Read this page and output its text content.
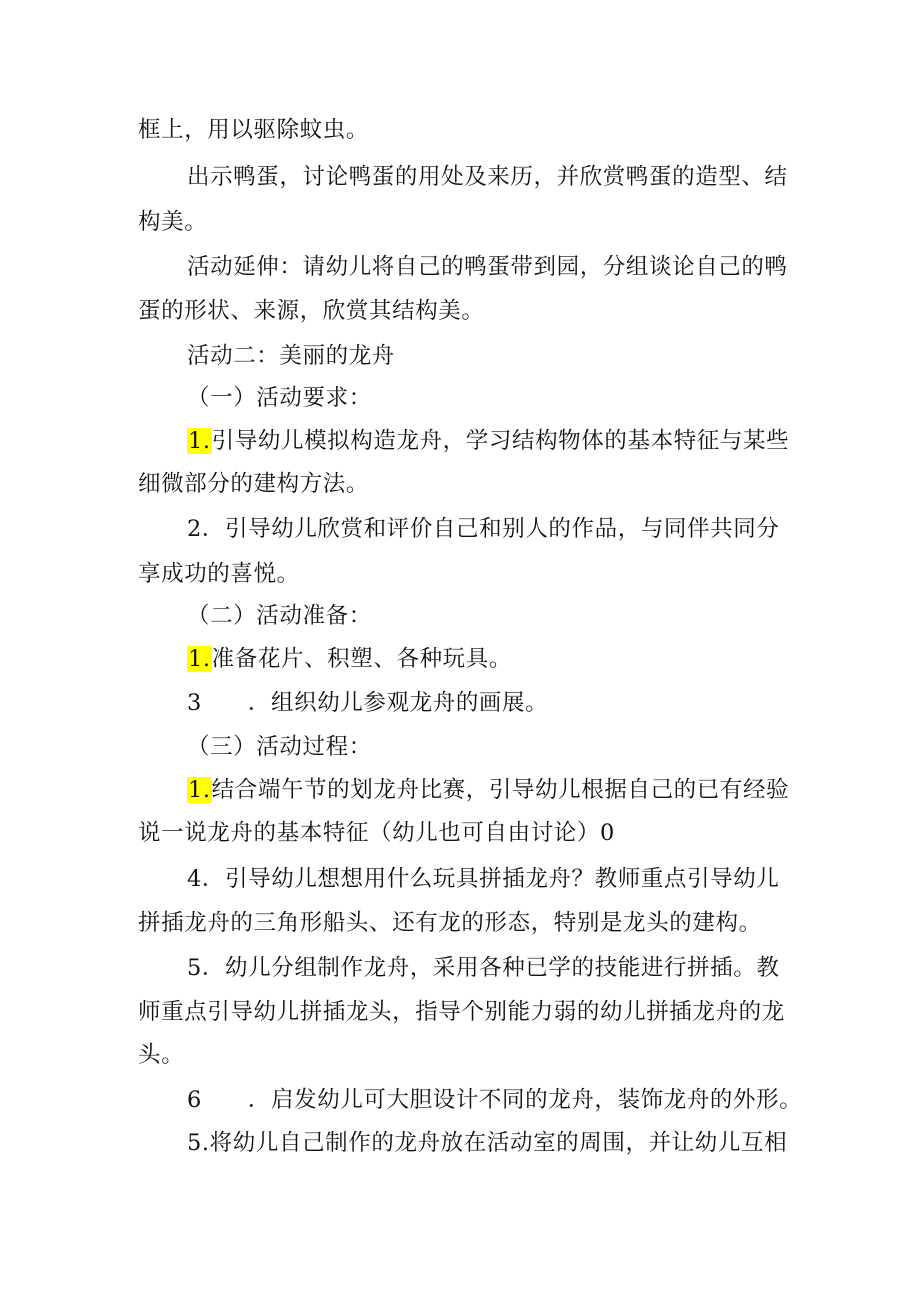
框上，用以驱除蚊虫。
出示鸭蛋，讨论鸭蛋的用处及来历，并欣赏鸭蛋的造型、结
构美。
活动延伸：请幼儿将自己的鸭蛋带到园，分组谈论自己的鸭
蛋的形状、来源，欣赏其结构美。
活动二：美丽的龙舟
（一）活动要求：
1.引导幼儿模拟构造龙舟，学习结构物体的基本特征与某些
细微部分的建构方法。
2．引导幼儿欣赏和评价自己和别人的作品，与同伴共同分
享成功的喜悦。
（二）活动准备：
1.准备花片、积塑、各种玩具。
3 ．组织幼儿参观龙舟的画展。
（三）活动过程：
1.结合端午节的划龙舟比赛，引导幼儿根据自己的已有经验
说一说龙舟的基本特征（幼儿也可自由讨论）0
4．引导幼儿想想用什么玩具拼插龙舟？教师重点引导幼儿
拼插龙舟的三角形船头、还有龙的形态，特别是龙头的建构。
5．幼儿分组制作龙舟，采用各种已学的技能进行拼插。教
师重点引导幼儿拼插龙头，指导个别能力弱的幼儿拼插龙舟的龙
头。
6 ．启发幼儿可大胆设计不同的龙舟，装饰龙舟的外形。
5.将幼儿自己制作的龙舟放在活动室的周围，并让幼儿互相
